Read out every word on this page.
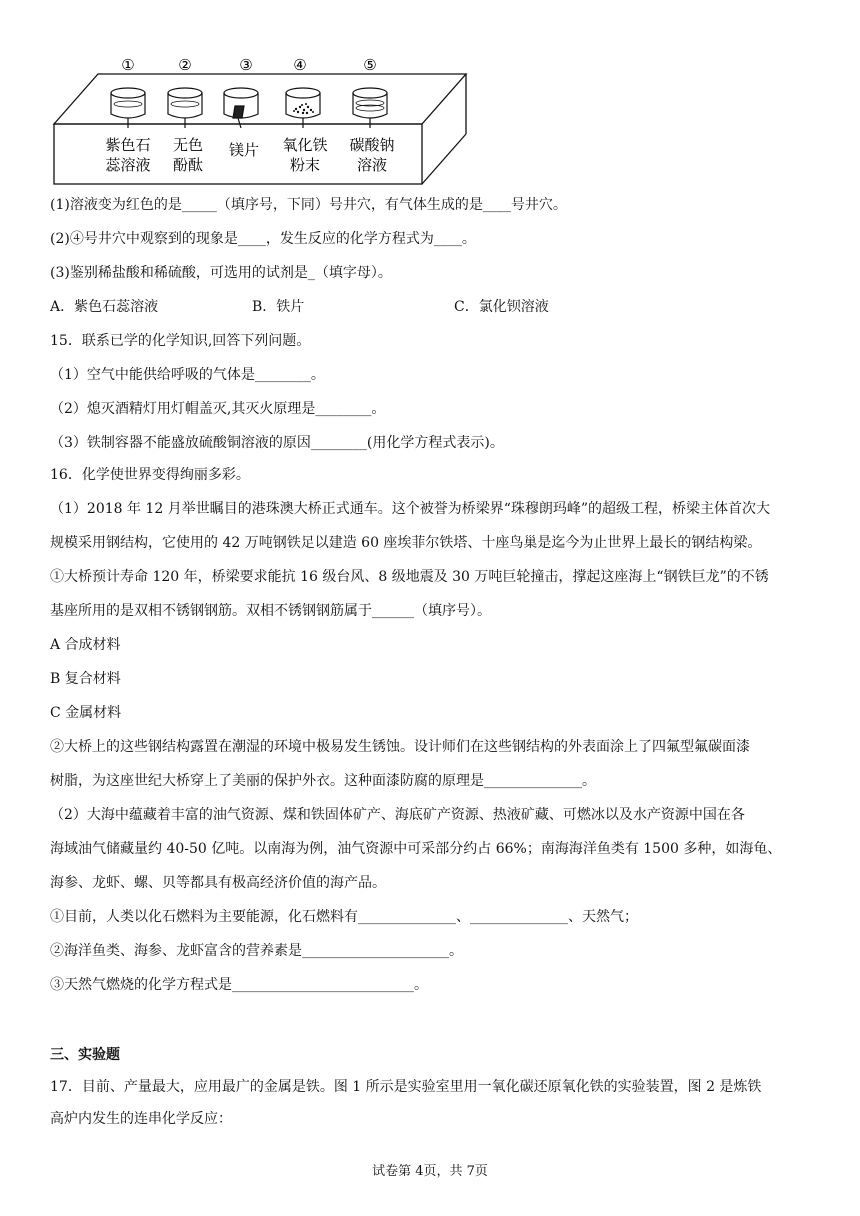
①	②	③	④	⑤
紫色石
蕊溶液
无色
酚酞
镁片 氧化铁
粉末
碳酸钠
溶液
(1)溶液变为红色的是_____（填序号，下同）号井穴，有气体生成的是____号井穴。
(2)④号井穴中观察到的现象是____，发生反应的化学方程式为____。
(3)鉴别稀盐酸和稀硫酸，可选用的试剂是_（填字母）。
A．紫色石蕊溶液	B．铁片	C．氯化钡溶液
15．联系已学的化学知识,回答下列问题。
（1）空气中能供给呼吸的气体是________。
（2）熄灭酒精灯用灯帽盖灭,其灭火原理是________。
（3）铁制容器不能盛放硫酸铜溶液的原因________(用化学方程式表示)。
16．化学使世界变得绚丽多彩。
（1）2018 年 12 月举世瞩目的港珠澳大桥正式通车。这个被誉为桥梁界“珠穆朗玛峰”的超级工程，桥梁主体首次大
规模采用钢结构，它使用的 42 万吨钢铁足以建造 60 座埃菲尔铁塔、十座鸟巢是迄今为止世界上最长的钢结构梁。
①大桥预计寿命 120 年，桥梁要求能抗 16 级台风、8 级地震及 30 万吨巨轮撞击，撑起这座海上“钢铁巨龙”的不锈
基座所用的是双相不锈钢钢筋。双相不锈钢钢筋属于______（填序号）。
A 合成材料
B 复合材料
C 金属材料
②大桥上的这些钢结构露置在潮湿的环境中极易发生锈蚀。设计师们在这些钢结构的外表面涂上了四氟型氟碳面漆
树脂，为这座世纪大桥穿上了美丽的保护外衣。这种面漆防腐的原理是______________。
（2）大海中蕴藏着丰富的油气资源、煤和铁固体矿产、海底矿产资源、热液矿藏、可燃冰以及水产资源中国在各
海域油气储藏量约 40-50 亿吨。以南海为例，油气资源中可采部分约占 66%；南海海洋鱼类有 1500 多种，如海龟、
海参、龙虾、螺、贝等都具有极高经济价值的海产品。
①目前，人类以化石燃料为主要能源，化石燃料有______________、______________、天然气；
②海洋鱼类、海参、龙虾富含的营养素是_____________________。
③天然气燃烧的化学方程式是__________________________。
三、实验题
17．目前、产量最大，应用最广的金属是铁。图 1 所示是实验室里用一氧化碳还原氧化铁的实验装置，图 2 是炼铁
高炉内发生的连串化学反应：
试卷第 4页，共 7页
